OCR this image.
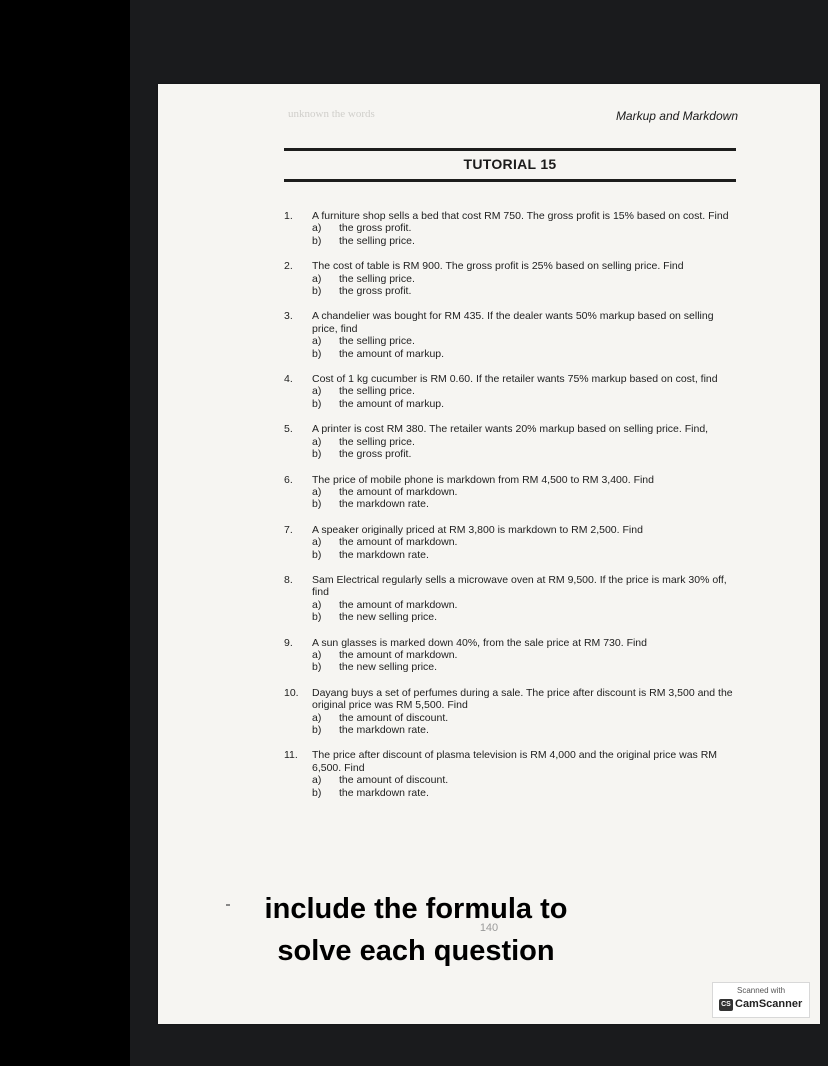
unknown the words	Markup and Markdown
TUTORIAL 15
1.	A furniture shop sells a bed that cost RM 750. The gross profit is 15% based on cost. Find
a) the gross profit.
b) the selling price.
2.	The cost of table is RM 900. The gross profit is 25% based on selling price. Find
a) the selling price.
b) the gross profit.
3.	A chandelier was bought for RM 435. If the dealer wants 50% markup based on selling price, find
a) the selling price.
b) the amount of markup.
4.	Cost of 1 kg cucumber is RM 0.60. If the retailer wants 75% markup based on cost, find
a) the selling price.
b) the amount of markup.
5.	A printer is cost RM 380. The retailer wants 20% markup based on selling price. Find,
a) the selling price.
b) the gross profit.
6.	The price of mobile phone is markdown from RM 4,500 to RM 3,400. Find
a) the amount of markdown.
b) the markdown rate.
7.	A speaker originally priced at RM 3,800 is markdown to RM 2,500. Find
a) the amount of markdown.
b) the markdown rate.
8.	Sam Electrical regularly sells a microwave oven at RM 9,500. If the price is mark 30% off, find
a) the amount of markdown.
b) the new selling price.
9.	A sun glasses is marked down 40%, from the sale price at RM 730. Find
a) the amount of markdown.
b) the new selling price.
10.	Dayang buys a set of perfumes during a sale. The price after discount is RM 3,500 and the original price was RM 5,500. Find
a) the amount of discount.
b) the markdown rate.
11.	The price after discount of plasma television is RM 4,000 and the original price was RM 6,500. Find
a) the amount of discount.
b) the markdown rate.
140
include the formula to
solve each question
Scanned with
CS CamScanner
